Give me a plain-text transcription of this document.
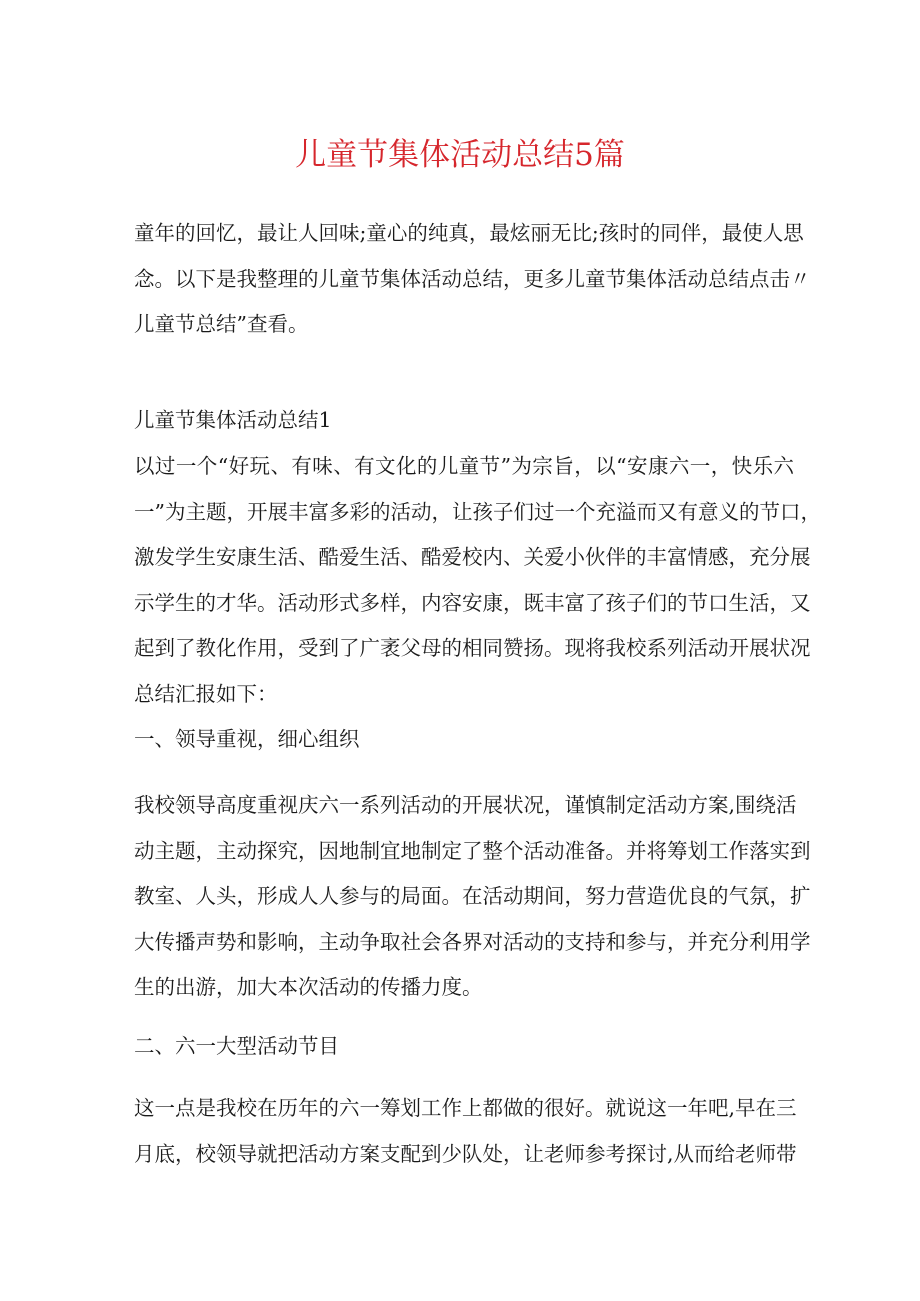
儿童节集体活动总结5篇
童年的回忆，最让人回味;童心的纯真，最炫丽无比;孩时的同伴，最使人思
念。以下是我整理的儿童节集体活动总结，更多儿童节集体活动总结点击〃
儿童节总结”查看。
儿童节集体活动总结1
以过一个“好玩、有味、有文化的儿童节”为宗旨，以“安康六一，快乐六
一”为主题，开展丰富多彩的活动，让孩子们过一个充溢而又有意义的节口，
激发学生安康生活、酷爱生活、酷爱校内、关爱小伙伴的丰富情感，充分展
示学生的才华。活动形式多样，内容安康，既丰富了孩子们的节口生活，又
起到了教化作用，受到了广袤父母的相同赞扬。现将我校系列活动开展状况
总结汇报如下：
一、领导重视，细心组织
我校领导高度重视庆六一系列活动的开展状况，谨慎制定活动方案,围绕活
动主题，主动探究，因地制宜地制定了整个活动准备。并将筹划工作落实到
教室、人头，形成人人参与的局面。在活动期间，努力营造优良的气氛，扩
大传播声势和影响，主动争取社会各界对活动的支持和参与，并充分利用学
生的出游，加大本次活动的传播力度。
二、六一大型活动节目
这一点是我校在历年的六一筹划工作上都做的很好。就说这一年吧,早在三
月底，校领导就把活动方案支配到少队处，让老师参考探讨,从而给老师带
